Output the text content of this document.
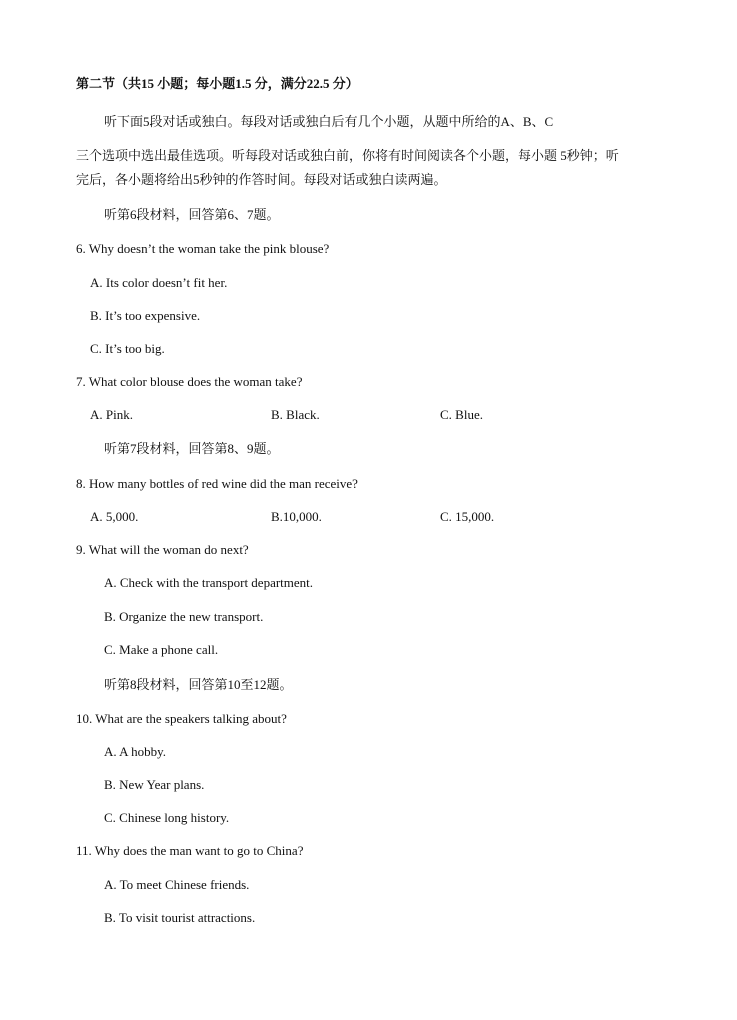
第二节（共15 小题；每小题1.5 分，满分22.5 分）
听下面5段对话或独白。每段对话或独白后有几个小题，从题中所给的A、B、C
三个选项中选出最佳选项。听每段对话或独白前，你将有时间阅读各个小题，每小题 5秒钟；听
完后，各小题将给出5秒钟的作答时间。每段对话或独白读两遍。
听第6段材料，回答第6、7题。
6. Why doesn’t the woman take the pink blouse?
A. Its color doesn’t fit her.
B. It’s too expensive.
C. It’s too big.
7. What color blouse does the woman take?
A. Pink.	B. Black.	C. Blue.
听第7段材料，回答第8、9题。
8. How many bottles of red wine did the man receive?
A. 5,000.	B.10,000.	C. 15,000.
9. What will the woman do next?
A. Check with the transport department.
B. Organize the new transport.
C. Make a phone call.
听第8段材料，回答第10至12题。
10. What are the speakers talking about?
A. A hobby.
B. New Year plans.
C. Chinese long history.
11. Why does the man want to go to China?
A. To meet Chinese friends.
B. To visit tourist attractions.
